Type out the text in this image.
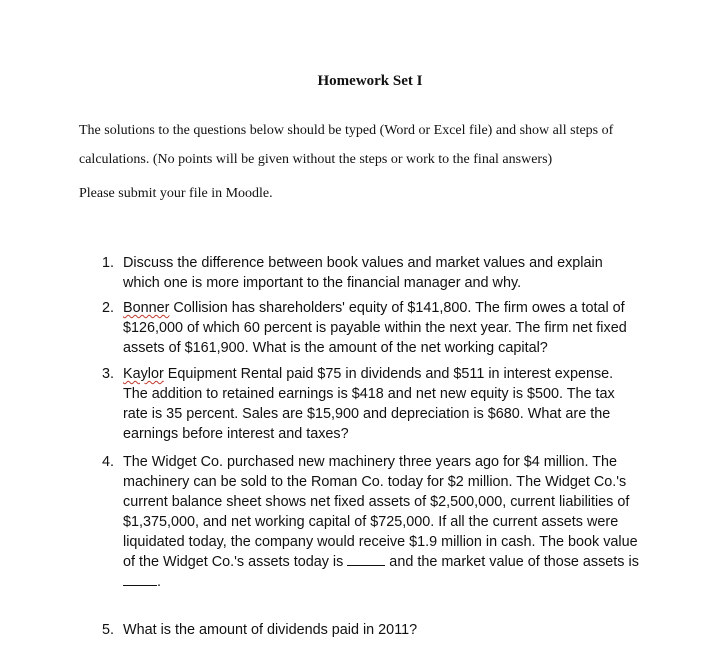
Homework Set I
The solutions to the questions below should be typed (Word or Excel file) and show all steps of
calculations. (No points will be given without the steps or work to the final answers)
Please submit your file in Moodle.
1. Discuss the difference between book values and market values and explain
which one is more important to the financial manager and why.
2. Bonner Collision has shareholders' equity of $141,800. The firm owes a total of
$126,000 of which 60 percent is payable within the next year. The firm net fixed
assets of $161,900. What is the amount of the net working capital?
3. Kaylor Equipment Rental paid $75 in dividends and $511 in interest expense.
The addition to retained earnings is $418 and net new equity is $500. The tax
rate is 35 percent. Sales are $15,900 and depreciation is $680. What are the
earnings before interest and taxes?
4. The Widget Co. purchased new machinery three years ago for $4 million. The
machinery can be sold to the Roman Co. today for $2 million. The Widget Co.'s
current balance sheet shows net fixed assets of $2,500,000, current liabilities of
$1,375,000, and net working capital of $725,000. If all the current assets were
liquidated today, the company would receive $1.9 million in cash. The book value
of the Widget Co.'s assets today is	and the market value of those assets is
.
5. What is the amount of dividends paid in 2011?
